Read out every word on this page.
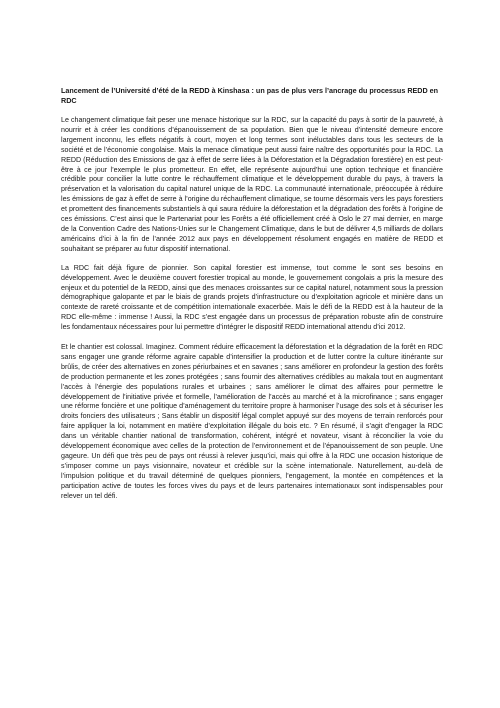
Lancement de l’Université d’été de la REDD à Kinshasa : un pas de plus vers l’ancrage du processus REDD en RDC

Le changement climatique fait peser une menace historique sur la RDC, sur la capacité du pays à sortir de la pauvreté, à nourrir et à créer les conditions d’épanouissement de sa population. Bien que le niveau d’intensité demeure encore largement inconnu, les effets négatifs à court, moyen et long termes sont inéluctables dans tous les secteurs de la société et de l’économie congolaise. Mais la menace climatique peut aussi faire naître des opportunités pour la RDC. La REDD (Réduction des Emissions de gaz à effet de serre liées à la Déforestation et la Dégradation forestière) en est peut-être à ce jour l’exemple le plus prometteur. En effet, elle représente aujourd’hui une option technique et financière crédible pour concilier la lutte contre le réchauffement climatique et le développement durable du pays, à travers la préservation et la valorisation du capital naturel unique de la RDC. La communauté internationale, préoccupée à réduire les émissions de gaz à effet de serre à l’origine du réchauffement climatique, se tourne désormais vers les pays forestiers et promettent des financements substantiels à qui saura réduire la déforestation et la dégradation des forêts à l’origine de ces émissions. C’est ainsi que le Partenariat pour les Forêts a été officiellement créé à Oslo le 27 mai dernier, en marge de la Convention Cadre des Nations-Unies sur le Changement Climatique, dans le but de délivrer 4,5 milliards de dollars américains d’ici à la fin de l’année 2012 aux pays en développement résolument engagés en matière de REDD et souhaitant se préparer au futur dispositif international.

La RDC fait déjà figure de pionnier. Son capital forestier est immense, tout comme le sont ses besoins en développement. Avec le deuxième couvert forestier tropical au monde, le gouvernement congolais a pris la mesure des enjeux et du potentiel de la REDD, ainsi que des menaces croissantes sur ce capital naturel, notamment sous la pression démographique galopante et par le biais de grands projets d’infrastructure ou d’exploitation agricole et minière dans un contexte de rareté croissante et de compétition internationale exacerbée. Mais le défi de la REDD est à la hauteur de la RDC elle-même : immense ! Aussi, la RDC s’est engagée dans un processus de préparation robuste afin de construire les fondamentaux nécessaires pour lui permettre d’intégrer le dispositif REDD international attendu d’ici 2012.

Et le chantier est colossal. Imaginez. Comment réduire efficacement la déforestation et la dégradation de la forêt en RDC sans engager une grande réforme agraire capable d’intensifier la production et de lutter contre la culture itinérante sur brûlis, de créer des alternatives en zones périurbaines et en savanes ; sans améliorer en profondeur la gestion des forêts de production permanente et les zones protégées ; sans fournir des alternatives crédibles au makala tout en augmentant l’accès à l’énergie des populations rurales et urbaines ; sans améliorer le climat des affaires pour permettre le développement de l’initiative privée et formelle, l’amélioration de l’accès au marché et à la microfinance ; sans engager une réforme foncière et une politique d’aménagement du territoire propre à harmoniser l’usage des sols et à sécuriser les droits fonciers des utilisateurs ; Sans établir un dispositif légal complet appuyé sur des moyens de terrain renforcés pour faire appliquer la loi, notamment en matière d’exploitation illégale du bois etc. ? En résumé, il s’agit d’engager la RDC dans un véritable chantier national de transformation, cohérent, intégré et novateur, visant à réconcilier la voie du développement économique avec celles de la protection de l’environnement et de l’épanouissement de son peuple. Une gageure. Un défi que très peu de pays ont réussi à relever jusqu’ici, mais qui offre à la RDC une occasion historique de s’imposer comme un pays visionnaire, novateur et crédible sur la scène internationale. Naturellement, au-delà de l’impulsion politique et du travail déterminé de quelques pionniers, l’engagement, la montée en compétences et la participation active de toutes les forces vives du pays et de leurs partenaires internationaux sont indispensables pour relever un tel défi.
